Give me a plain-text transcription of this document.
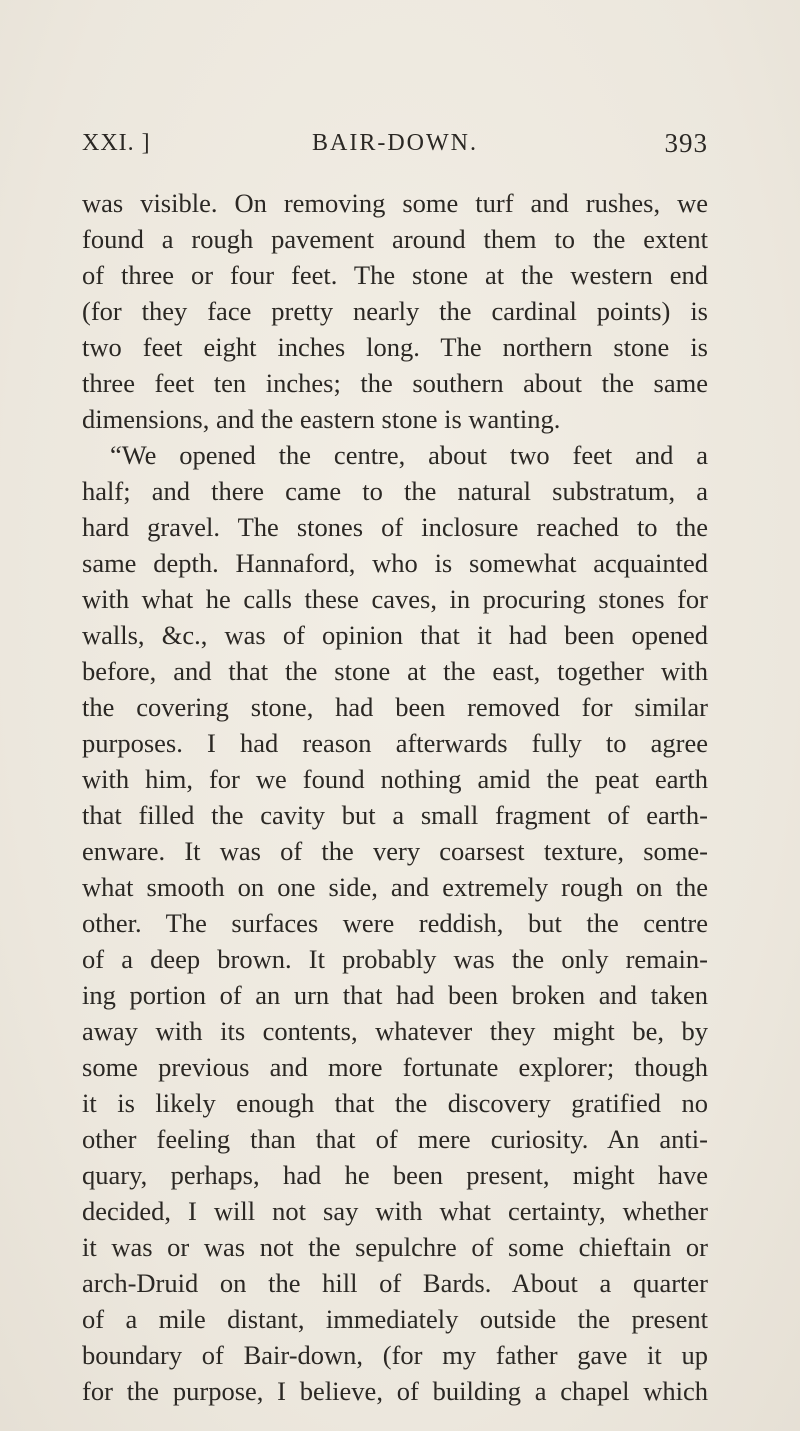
XXI. ]	BAIR-DOWN.	393
was visible. On removing some turf and rushes, we
found a rough pavement around them to the extent
of three or four feet. The stone at the western end
(for they face pretty nearly the cardinal points) is
two feet eight inches long. The northern stone is
three feet ten inches; the southern about the same
dimensions, and the eastern stone is wanting.
“We opened the centre, about two feet and a
half; and there came to the natural substratum, a
hard gravel. The stones of inclosure reached to the
same depth. Hannaford, who is somewhat acquainted
with what he calls these caves, in procuring stones for
walls, &c., was of opinion that it had been opened
before, and that the stone at the east, together with
the covering stone, had been removed for similar
purposes. I had reason afterwards fully to agree
with him, for we found nothing amid the peat earth
that filled the cavity but a small fragment of earth-
enware. It was of the very coarsest texture, some-
what smooth on one side, and extremely rough on the
other. The surfaces were reddish, but the centre
of a deep brown. It probably was the only remain-
ing portion of an urn that had been broken and taken
away with its contents, whatever they might be, by
some previous and more fortunate explorer; though
it is likely enough that the discovery gratified no
other feeling than that of mere curiosity. An anti-
quary, perhaps, had he been present, might have
decided, I will not say with what certainty, whether
it was or was not the sepulchre of some chieftain or
arch-Druid on the hill of Bards. About a quarter
of a mile distant, immediately outside the present
boundary of Bair-down, (for my father gave it up
for the purpose, I believe, of building a chapel which
